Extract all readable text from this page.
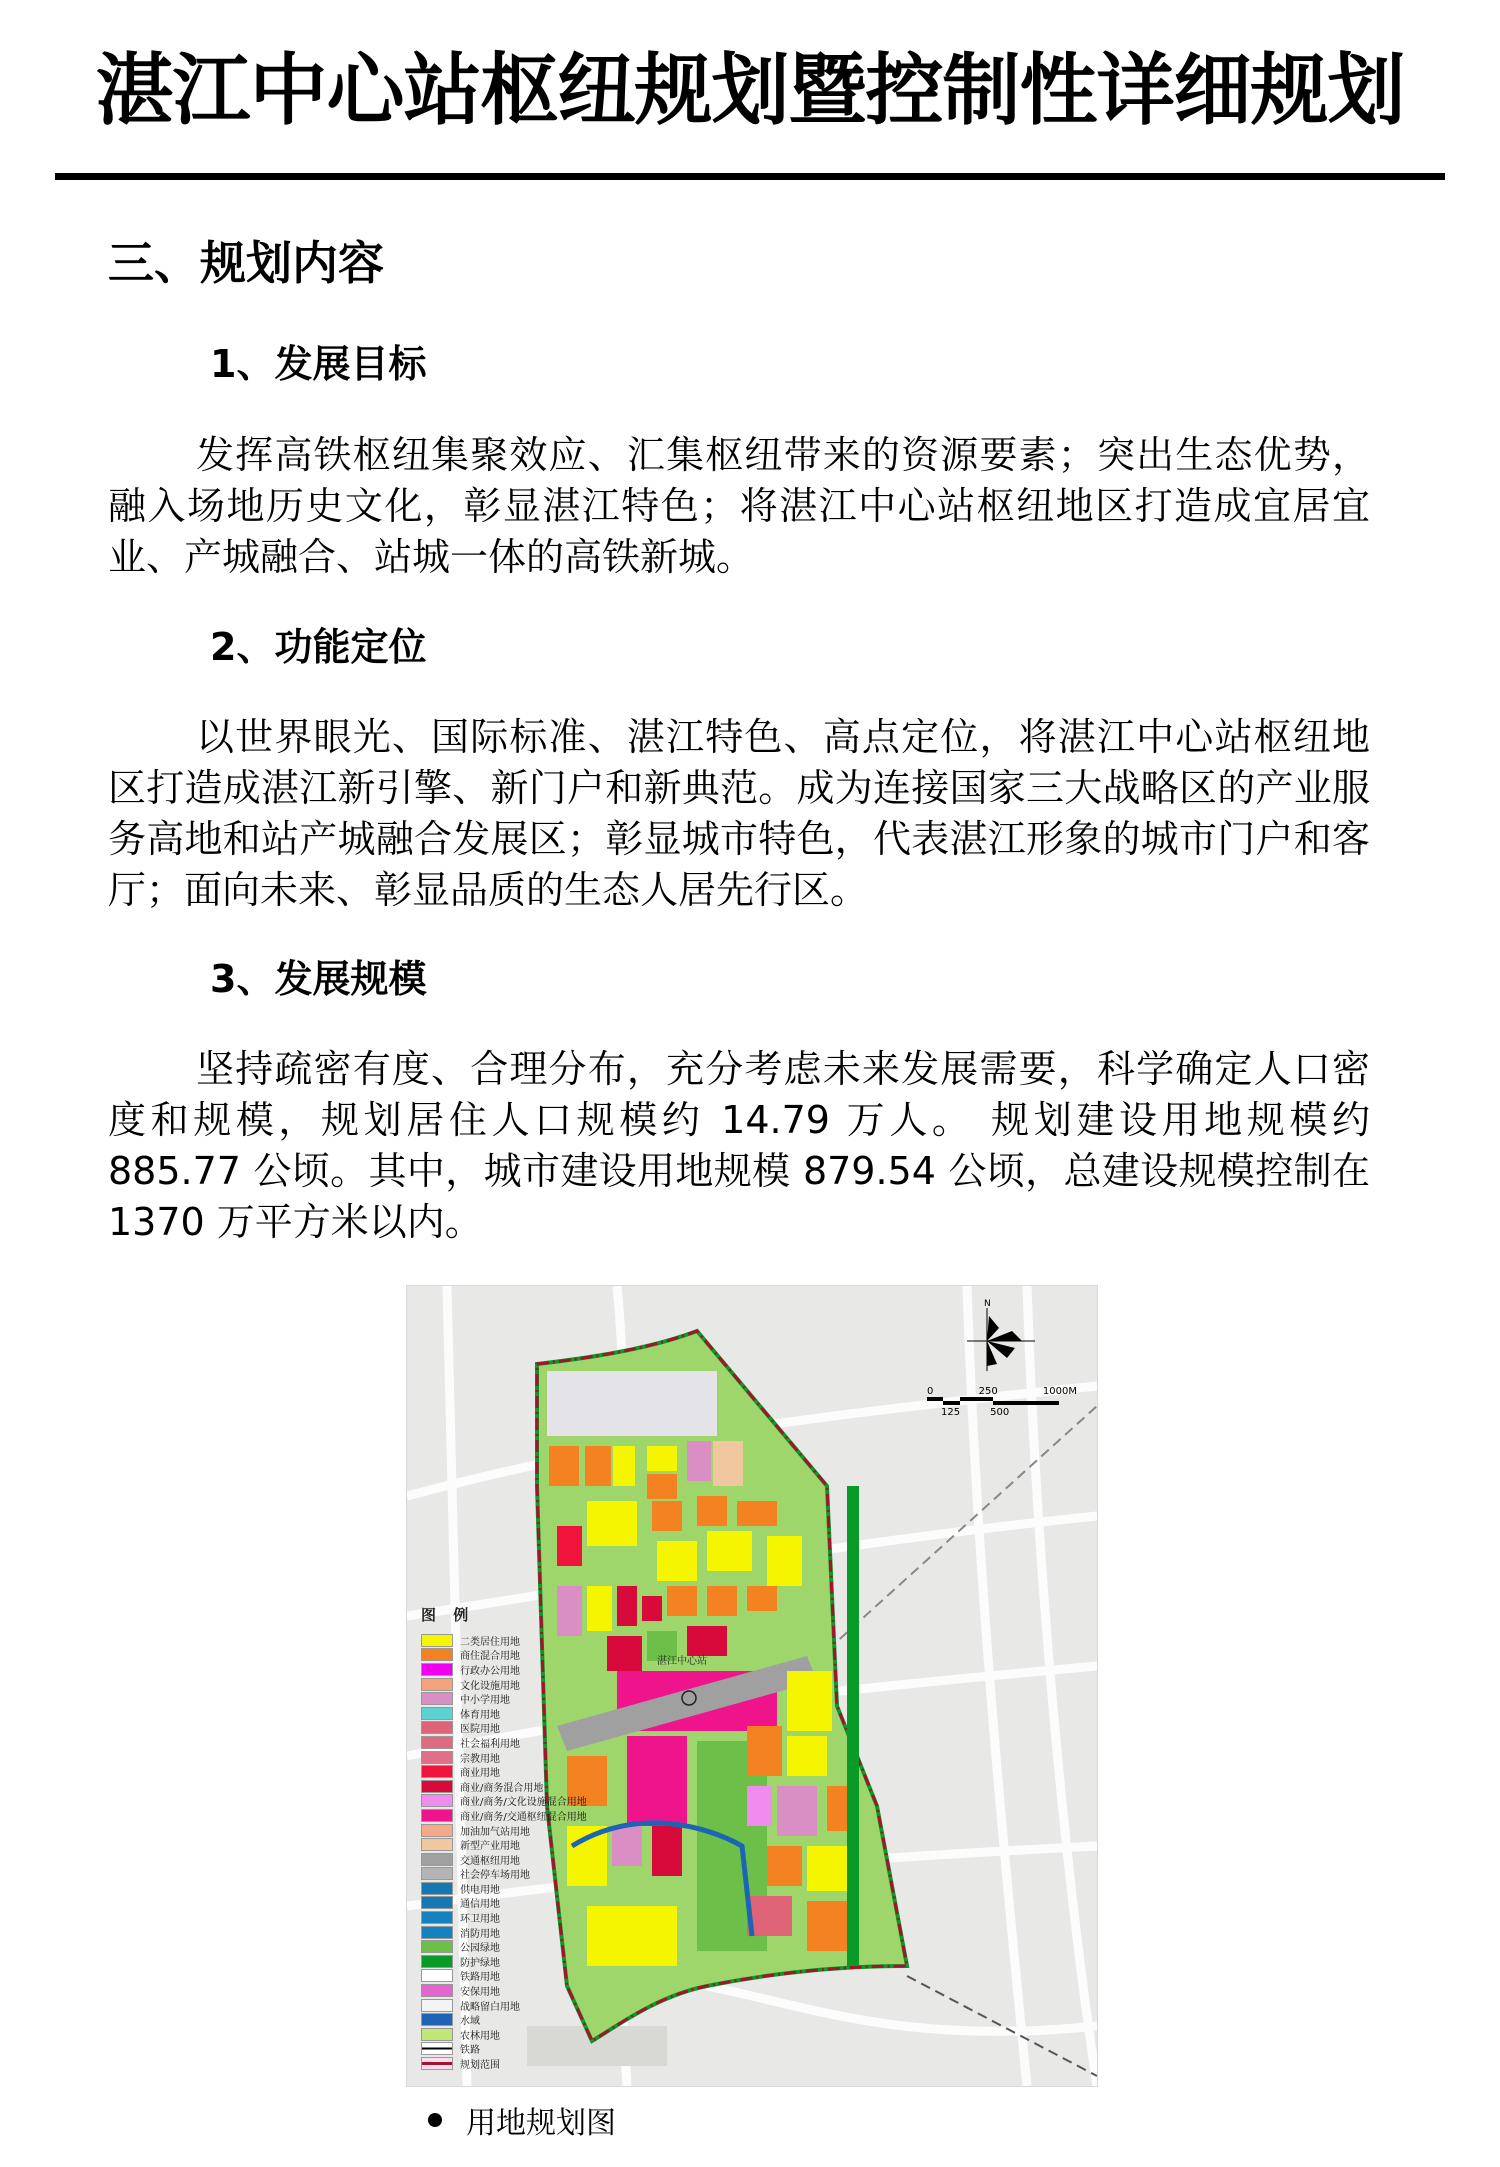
湛江中心站枢纽规划暨控制性详细规划
三、规划内容
1、发展目标
发挥高铁枢纽集聚效应、汇集枢纽带来的资源要素；突出生态优势，融入场地历史文化，彰显湛江特色；将湛江中心站枢纽地区打造成宜居宜业、产城融合、站城一体的高铁新城。
2、功能定位
以世界眼光、国际标准、湛江特色、高点定位，将湛江中心站枢纽地区打造成湛江新引擎、新门户和新典范。成为连接国家三大战略区的产业服务高地和站产城融合发展区；彰显城市特色，代表湛江形象的城市门户和客厅；面向未来、彰显品质的生态人居先行区。
3、发展规模
坚持疏密有度、合理分布，充分考虑未来发展需要，科学确定人口密度和规模，规划居住人口规模约 14.79 万人。 规划建设用地规模约 885.77 公顷。其中，城市建设用地规模 879.54 公顷，总建设规模控制在 1370 万平方米以内。
湛江中心站
N
0	250	1000M
125	500
图 例
二类居住用地
商住混合用地
行政办公用地
文化设施用地
中小学用地
体育用地
医院用地
社会福利用地
宗教用地
商业用地
商业/商务混合用地
商业/商务/文化设施混合用地
商业/商务/交通枢纽混合用地
加油加气站用地
新型产业用地
交通枢纽用地
社会停车场用地
供电用地
通信用地
环卫用地
消防用地
公园绿地
防护绿地
铁路用地
安保用地
战略留白用地
水域
农林用地
铁路
规划范围
用地规划图
